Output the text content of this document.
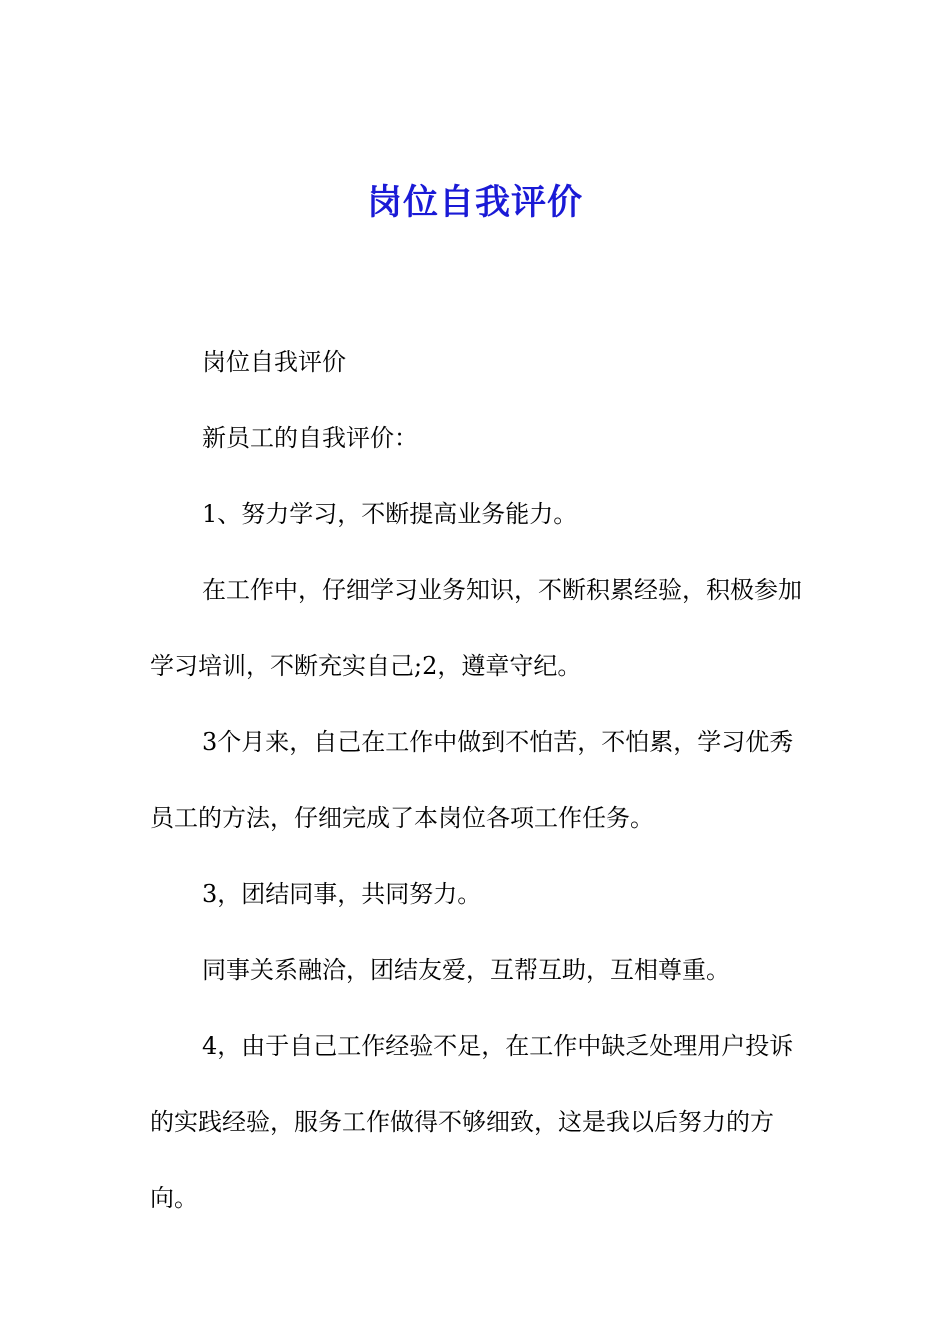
岗位自我评价

岗位自我评价

新员工的自我评价：

1、努力学习，不断提高业务能力。

在工作中，仔细学习业务知识，不断积累经验，积极参加学习培训，不断充实自己;2，遵章守纪。

3个月来，自己在工作中做到不怕苦，不怕累，学习优秀员工的方法，仔细完成了本岗位各项工作任务。

3，团结同事，共同努力。

同事关系融洽，团结友爱，互帮互助，互相尊重。

4，由于自己工作经验不足，在工作中缺乏处理用户投诉的实践经验，服务工作做得不够细致，这是我以后努力的方向。
